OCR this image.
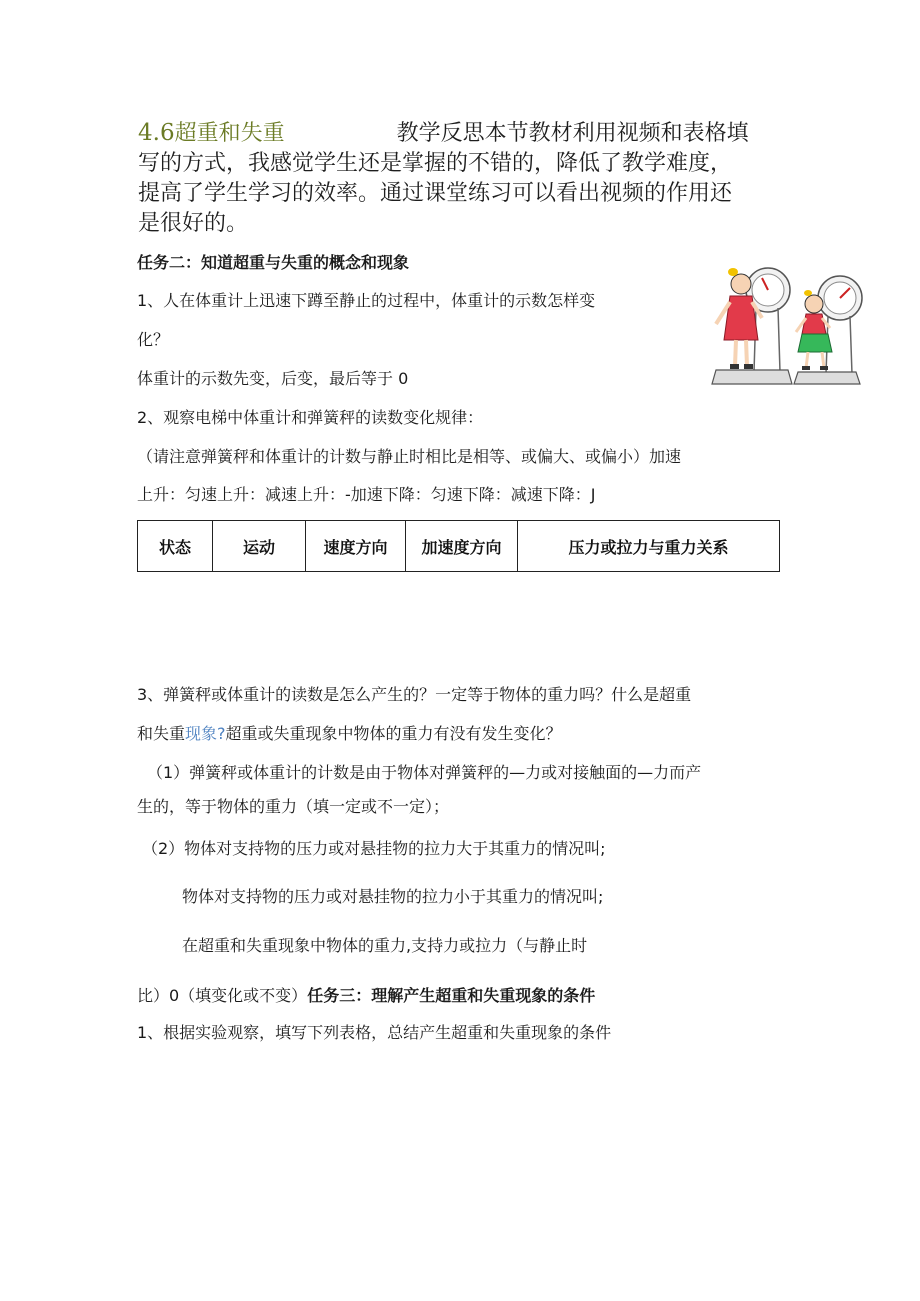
4.6超重和失重	教学反思本节教材利用视频和表格填
写的方式，我感觉学生还是掌握的不错的，降低了教学难度，
提高了学生学习的效率。通过课堂练习可以看出视频的作用还
是很好的。
任务二：知道超重与失重的概念和现象
1、人在体重计上迅速下蹲至静止的过程中，体重计的示数怎样变
化？
体重计的示数先变，后变，最后等于 0
2、观察电梯中体重计和弹簧秤的读数变化规律：
（请注意弹簧秤和体重计的计数与静止时相比是相等、或偏大、或偏小）加速
上升：匀速上升：减速上升：-加速下降：匀速下降：减速下降：J
状态	运动	速度方向	加速度方向	压力或拉力与重力关系
3、弹簧秤或体重计的读数是怎么产生的？一定等于物体的重力吗？什么是超重
和失重现象?超重或失重现象中物体的重力有没有发生变化？
（1）弹簧秤或体重计的计数是由于物体对弹簧秤的—力或对接触面的—力而产
生的，等于物体的重力（填一定或不一定）；
（2）物体对支持物的压力或对悬挂物的拉力大于其重力的情况叫;
物体对支持物的压力或对悬挂物的拉力小于其重力的情况叫;
在超重和失重现象中物体的重力,支持力或拉力（与静止时
比）0（填变化或不变）任务三：理解产生超重和失重现象的条件
1、根据实验观察，填写下列表格，总结产生超重和失重现象的条件
